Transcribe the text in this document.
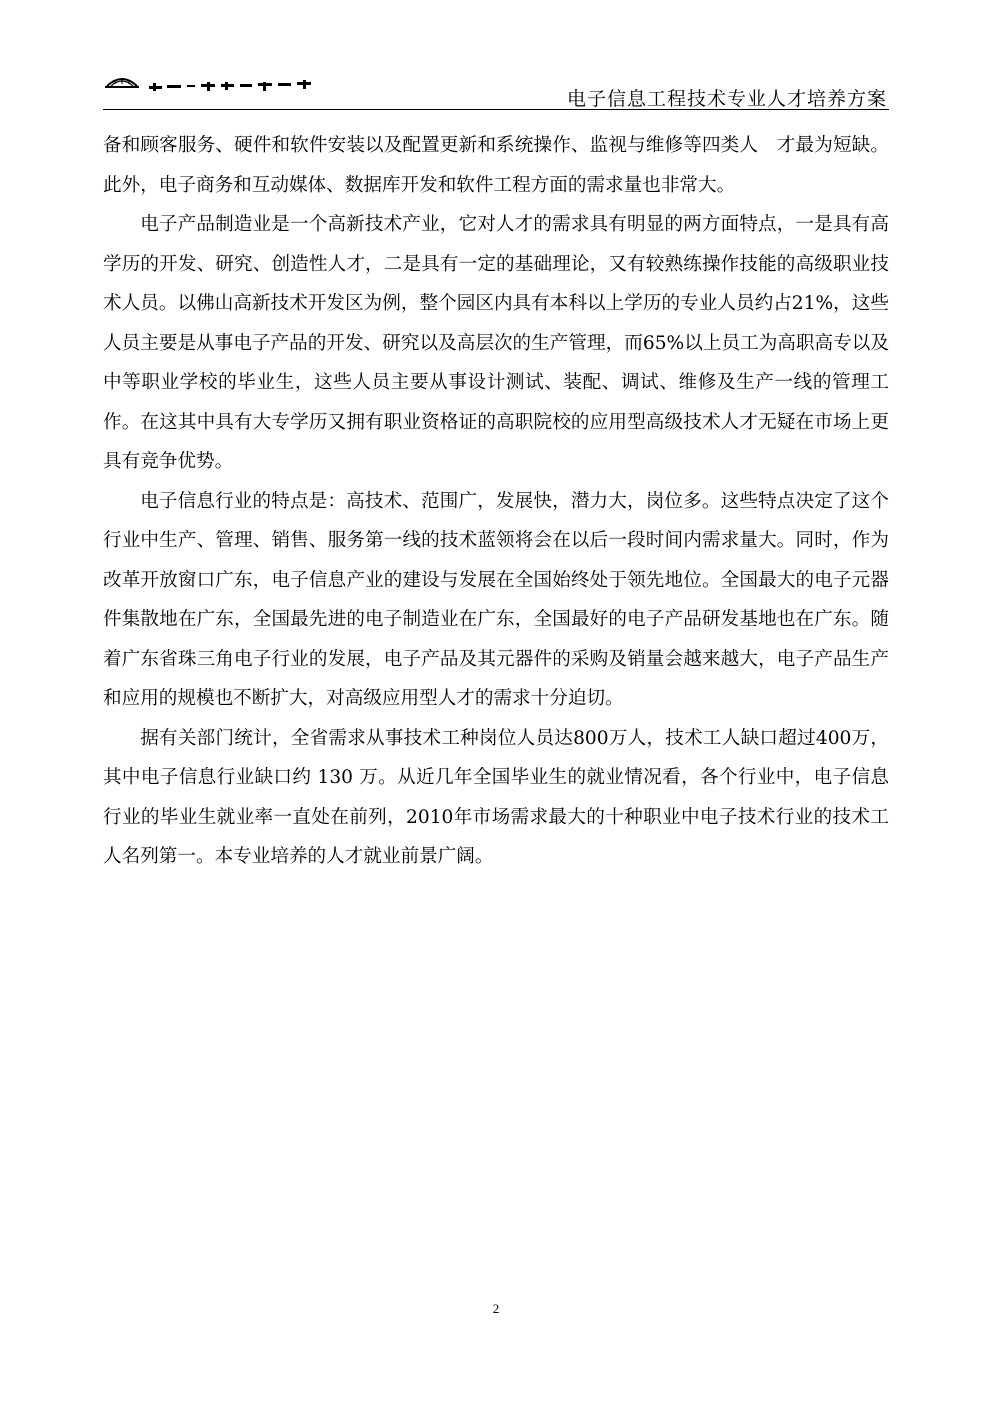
电子信息工程技术专业人才培养方案

备和顾客服务、硬件和软件安装以及配置更新和系统操作、监视与维修等四类人　才最为短缺。此外，电子商务和互动媒体、数据库开发和软件工程方面的需求量也非常大。

电子产品制造业是一个高新技术产业，它对人才的需求具有明显的两方面特点，一是具有高学历的开发、研究、创造性人才，二是具有一定的基础理论，又有较熟练操作技能的高级职业技术人员。以佛山高新技术开发区为例，整个园区内具有本科以上学历的专业人员约占21%，这些人员主要是从事电子产品的开发、研究以及高层次的生产管理，而65%以上员工为高职高专以及中等职业学校的毕业生，这些人员主要从事设计测试、装配、调试、维修及生产一线的管理工作。在这其中具有大专学历又拥有职业资格证的高职院校的应用型高级技术人才无疑在市场上更具有竞争优势。

电子信息行业的特点是：高技术、范围广，发展快，潜力大，岗位多。这些特点决定了这个行业中生产、管理、销售、服务第一线的技术蓝领将会在以后一段时间内需求量大。同时，作为改革开放窗口广东，电子信息产业的建设与发展在全国始终处于领先地位。全国最大的电子元器件集散地在广东，全国最先进的电子制造业在广东，全国最好的电子产品研发基地也在广东。随着广东省珠三角电子行业的发展，电子产品及其元器件的采购及销量会越来越大，电子产品生产和应用的规模也不断扩大，对高级应用型人才的需求十分迫切。

据有关部门统计，全省需求从事技术工种岗位人员达800万人，技术工人缺口超过400万，其中电子信息行业缺口约 130 万。从近几年全国毕业生的就业情况看，各个行业中，电子信息行业的毕业生就业率一直处在前列，2010年市场需求最大的十种职业中电子技术行业的技术工人名列第一。本专业培养的人才就业前景广阔。

2
